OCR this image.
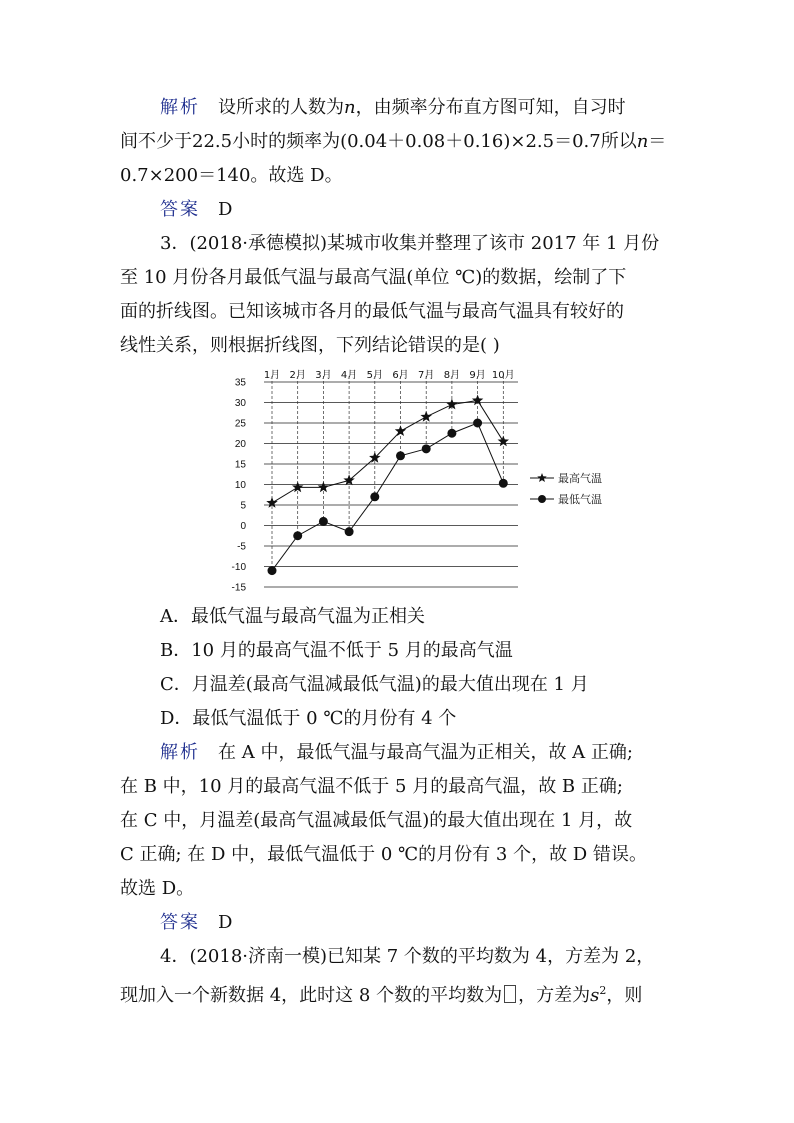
解析 设所求的人数为n，由频率分布直方图可知，自习时
间不少于22.5小时的频率为(0.04＋0.08＋0.16)×2.5＝0.7所以n＝
0.7×200＝140。故选 D。
答案 D
3．(2018·承德模拟)某城市收集并整理了该市 2017 年 1 月份
至 10 月份各月最低气温与最高气温(单位 ℃)的数据，绘制了下
面的折线图。已知该城市各月的最低气温与最高气温具有较好的
线性关系，则根据折线图，下列结论错误的是( )
35
30
25
20
15
10
5
0
-5
-10
-15
1月 2月 3月 4月 5月 6月 7月 8月 9月 10月
最高气温
最低气温
A．最低气温与最高气温为正相关
B．10 月的最高气温不低于 5 月的最高气温
C．月温差(最高气温减最低气温)的最大值出现在 1 月
D．最低气温低于 0 ℃的月份有 4 个
解析 在 A 中，最低气温与最高气温为正相关，故 A 正确;
在 B 中，10 月的最高气温不低于 5 月的最高气温，故 B 正确;
在 C 中，月温差(最高气温减最低气温)的最大值出现在 1 月，故
C 正确; 在 D 中，最低气温低于 0 ℃的月份有 3 个，故 D 错误。
故选 D。
答案 D
4．(2018·济南一模)已知某 7 个数的平均数为 4，方差为 2，
现加入一个新数据 4，此时这 8 个数的平均数为 ，方差为$s^2$，则
